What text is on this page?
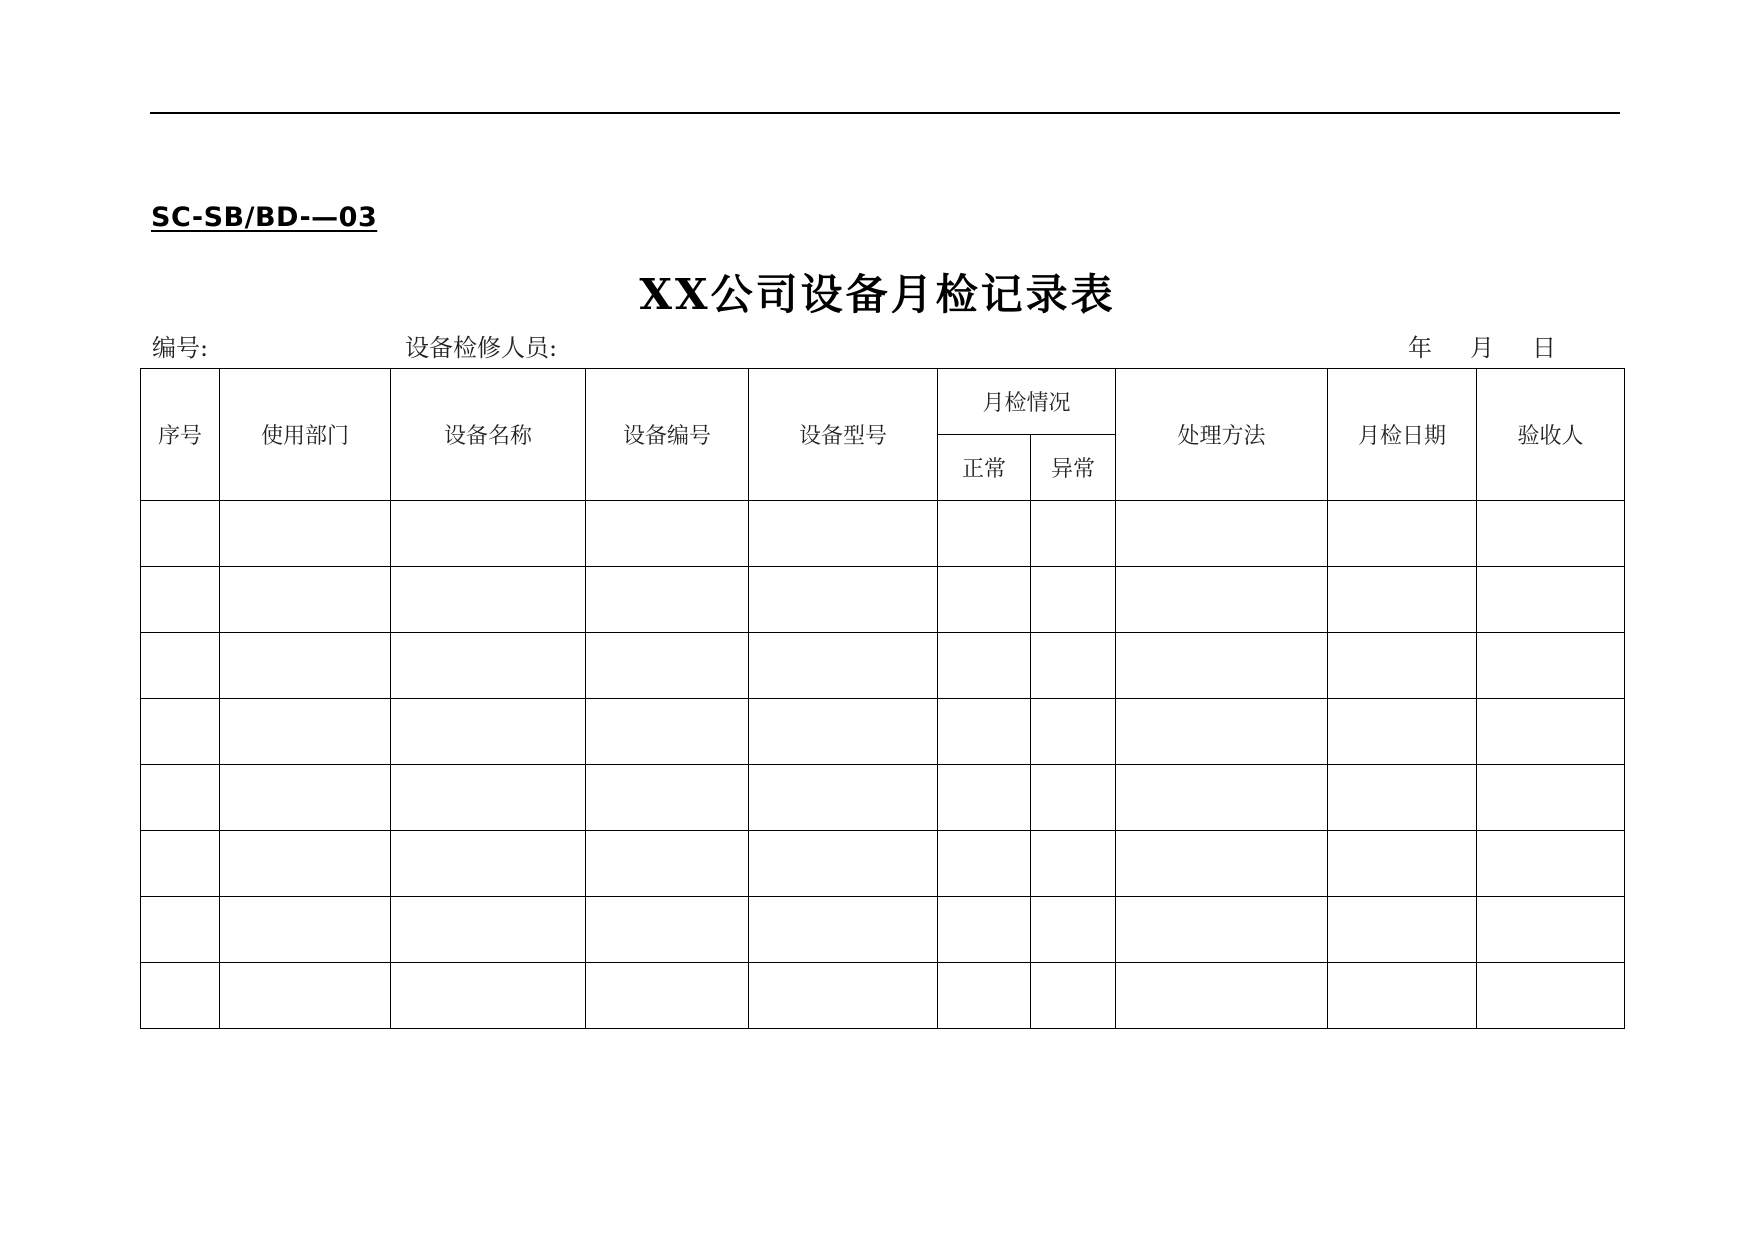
SC-SB/BD-—03
XX公司设备月检记录表
编号:	设备检修人员:	年 月 日
序号	使用部门	设备名称	设备编号	设备型号	月检情况		处理方法	月检日期	验收人
					正常	异常			
